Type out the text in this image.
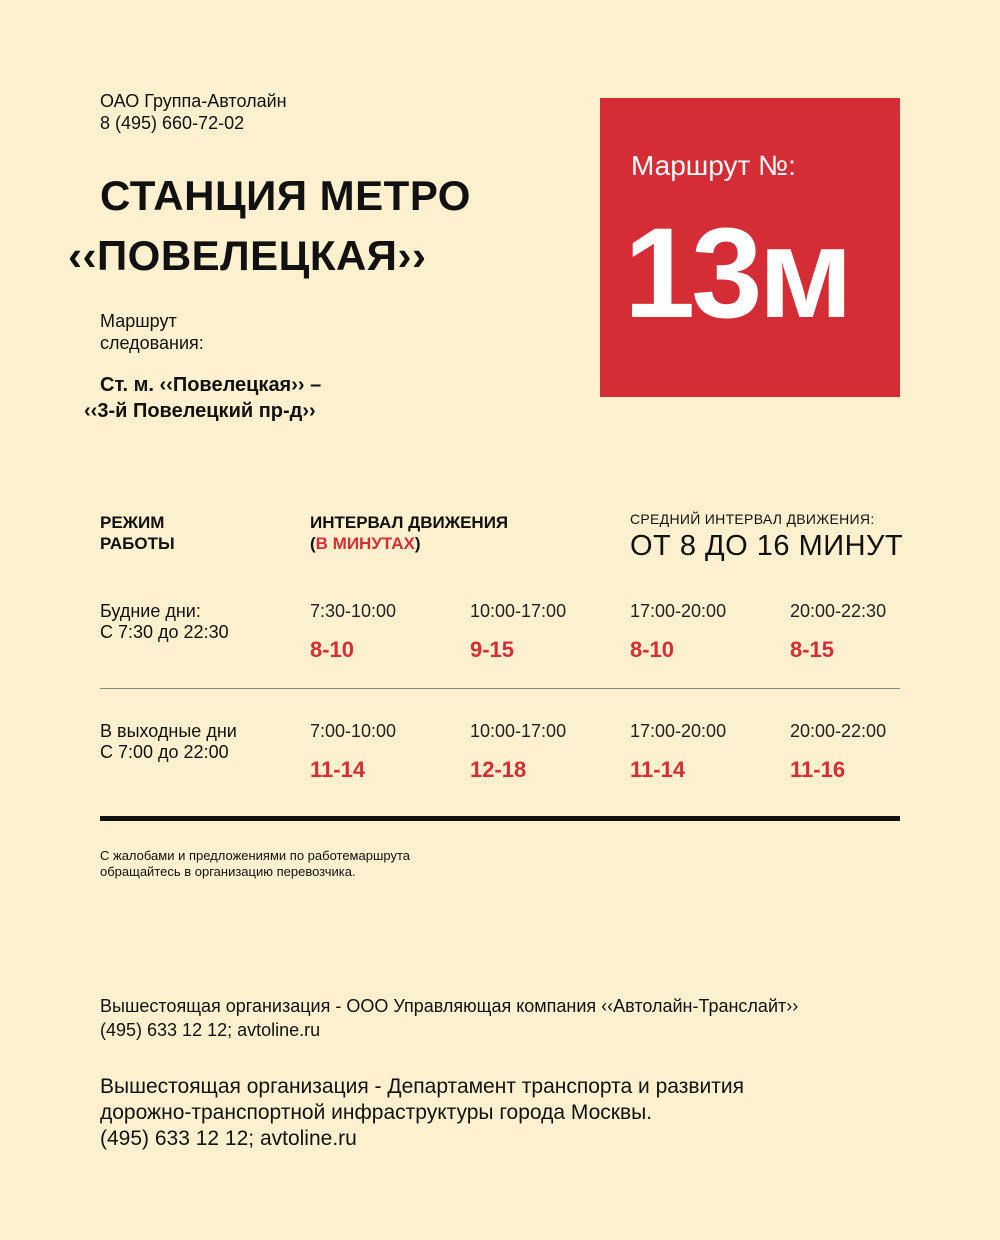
ОАО Группа-Автолайн
8 (495) 660-72-02
СТАНЦИЯ МЕТРО
‹‹ПОВЕЛЕЦКАЯ››
Маршрут
следования:
Ст. м. ‹‹Повелецкая›› –
‹‹3-й Повелецкий пр-д››
Маршрут №:
13м
РЕЖИМ
РАБОТЫ
ИНТЕРВАЛ ДВИЖЕНИЯ
(В МИНУТАХ)
СРЕДНИЙ ИНТЕРВАЛ ДВИЖЕНИЯ:
ОТ 8 ДО 16 МИНУТ
Будние дни:
С 7:30 до 22:30
7:30-10:00	10:00-17:00	17:00-20:00	20:00-22:30
8-10	9-15	8-10	8-15
В выходные дни
С 7:00 до 22:00
7:00-10:00	10:00-17:00	17:00-20:00	20:00-22:00
11-14	12-18	11-14	11-16
С жалобами и предложениями по работемаршрута
обращайтесь в организацию перевозчика.
Вышестоящая организация - ООО Управляющая компания ‹‹Автолайн-Транслайт››
(495) 633 12 12; avtoline.ru
Вышестоящая организация - Департамент транспорта и развития
дорожно-транспортной инфраструктуры города Москвы.
(495) 633 12 12; avtoline.ru
